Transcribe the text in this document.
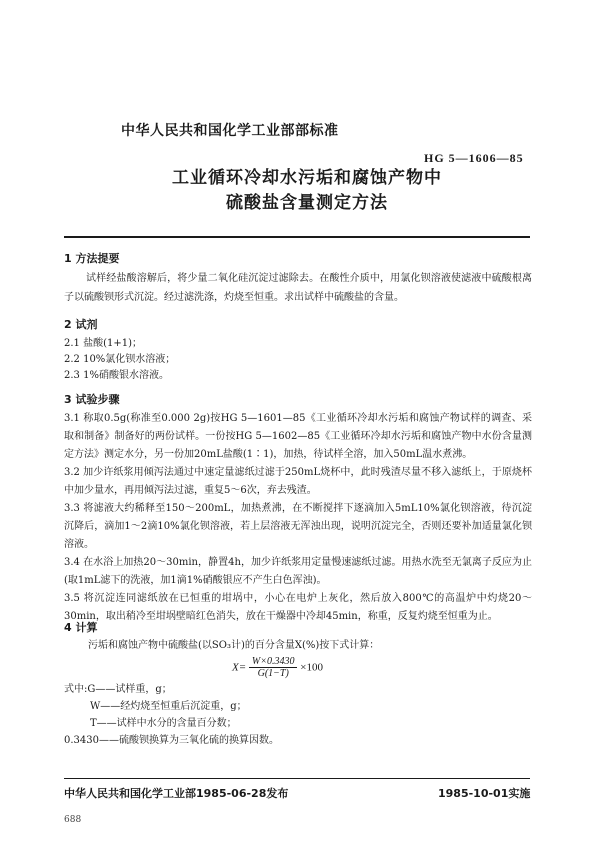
中华人民共和国化学工业部部标准
HG 5—1606—85
工业循环冷却水污垢和腐蚀产物中
硫酸盐含量测定方法
1 方法提要
试样经盐酸溶解后，将少量二氧化硅沉淀过滤除去。在酸性介质中，用氯化钡溶液使滤液中硫酸根离子以硫酸钡形式沉淀。经过滤洗涤，灼烧至恒重。求出试样中硫酸盐的含量。
2 试剂
2.1 盐酸(1+1)；
2.2 10%氯化钡水溶液；
2.3 1%硝酸银水溶液。
3 试验步骤
3.1 称取0.5g(称准至0.000 2g)按HG 5—1601—85《工业循环冷却水污垢和腐蚀产物试样的调查、采取和制备》制备好的两份试样。一份按HG 5—1602—85《工业循环冷却水污垢和腐蚀产物中水份含量测定方法》测定水分，另一份加20mL盐酸(1∶1)，加热，待试样全溶，加入50mL温水煮沸。
3.2 加少许纸浆用倾泻法通过中速定量滤纸过滤于250mL烧杯中，此时残渣尽量不移入滤纸上，于原烧杯中加少量水，再用倾泻法过滤，重复5～6次，弃去残渣。
3.3 将滤液大约稀释至150～200mL，加热煮沸，在不断搅拌下逐滴加入5mL10%氯化钡溶液，待沉淀沉降后，滴加1～2滴10%氯化钡溶液，若上层溶液无浑浊出现，说明沉淀完全，否则还要补加适量氯化钡溶液。
3.4 在水浴上加热20～30min，静置4h，加少许纸浆用定量慢速滤纸过滤。用热水洗至无氯离子反应为止(取1mL滤下的洗液，加1滴1%硝酸银应不产生白色浑浊)。
3.5 将沉淀连同滤纸放在已恒重的坩埚中，小心在电炉上灰化，然后放入800℃的高温炉中灼烧20～30min，取出稍冷至坩埚壁暗红色消失，放在干燥器中冷却45min，称重，反复灼烧至恒重为止。
4 计算
污垢和腐蚀产物中硫酸盐(以SO₃计)的百分含量X(%)按下式计算：
$X= \frac{W\times 0.3430}{G(1-T)} \times 100$
式中:G——试样重，g；
W——经灼烧至恒重后沉淀重，g；
T——试样中水分的含量百分数；
0.3430——硫酸钡换算为三氧化硫的换算因数。
中华人民共和国化学工业部1985-06-28发布	1985-10-01实施
688
